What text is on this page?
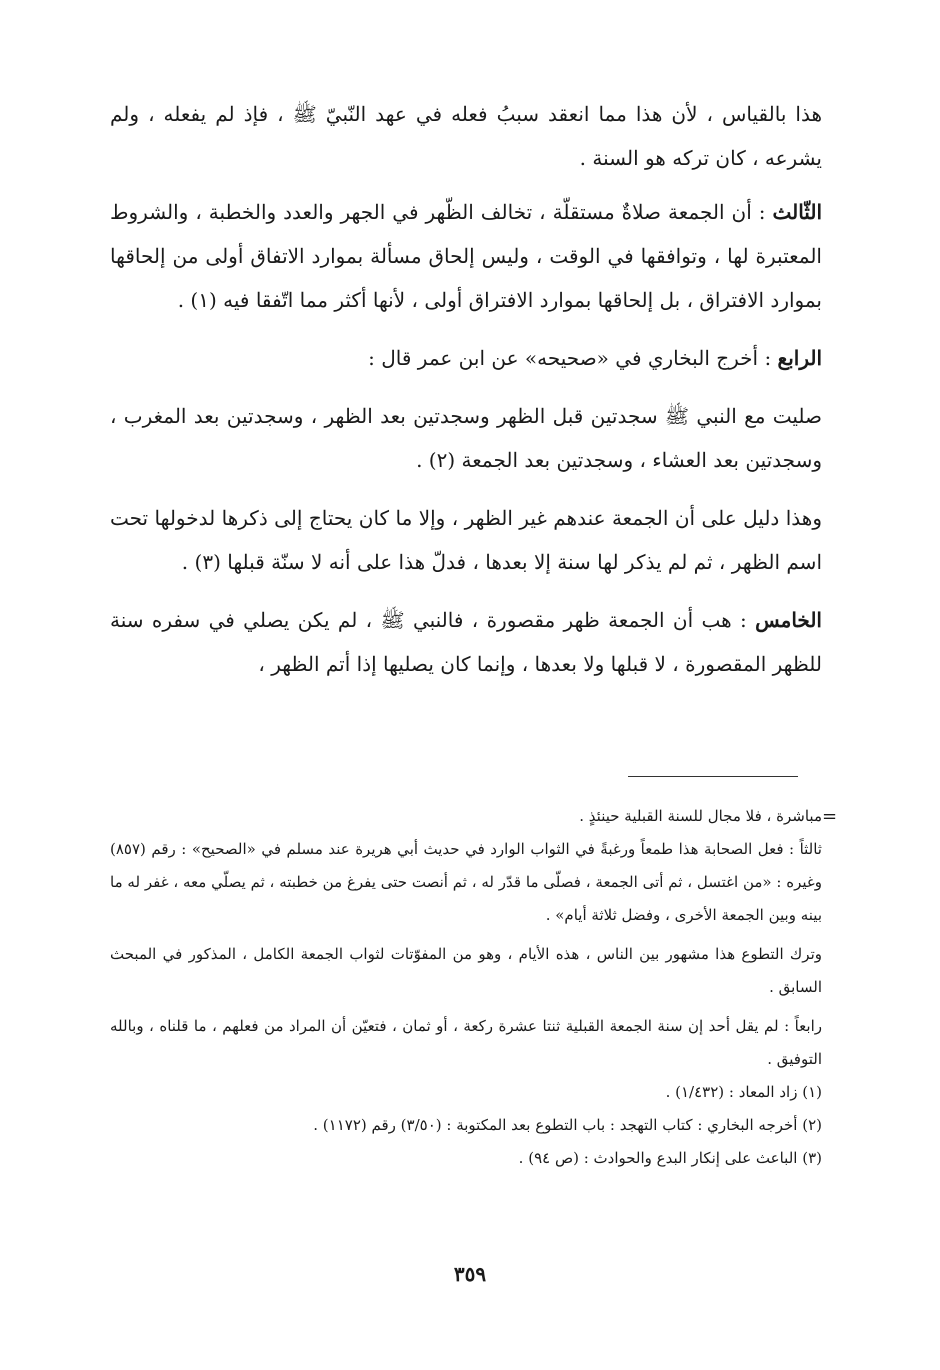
هذا بالقياس ، لأن هذا مما انعقد سببُ فعله في عهد النّبيّ ﷺ ، فإذ لم يفعله ، ولم يشرعه ، كان تركه هو السنة .

الثّالث : أن الجمعة صلاةٌ مستقلّة ، تخالف الظّهر في الجهر والعدد والخطبة ، والشروط المعتبرة لها ، وتوافقها في الوقت ، وليس إلحاق مسألة بموارد الاتفاق أولى من إلحاقها بموارد الافتراق ، بل إلحاقها بموارد الافتراق أولى ، لأنها أكثر مما اتّفقا فيه (١) .

الرابع : أخرج البخاري في «صحيحه» عن ابن عمر قال :

صليت مع النبي ﷺ سجدتين قبل الظهر وسجدتين بعد الظهر ، وسجدتين بعد المغرب ، وسجدتين بعد العشاء ، وسجدتين بعد الجمعة (٢) .

وهذا دليل على أن الجمعة عندهم غير الظهر ، وإلا ما كان يحتاج إلى ذكرها لدخولها تحت اسم الظهر ، ثم لم يذكر لها سنة إلا بعدها ، فدلّ هذا على أنه لا سنّة قبلها (٣) .

الخامس : هب أن الجمعة ظهر مقصورة ، فالنبي ﷺ ، لم يكن يصلي في سفره سنة للظهر المقصورة ، لا قبلها ولا بعدها ، وإنما كان يصليها إذا أتم الظهر ،

=

مباشرة ، فلا مجال للسنة القبلية حينئذٍ .

ثالثاً : فعل الصحابة هذا طمعاً ورغبةً في الثواب الوارد في حديث أبي هريرة عند مسلم في «الصحيح» : رقم (٨٥٧) وغيره : «من اغتسل ، ثم أتى الجمعة ، فصلّى ما قدّر له ، ثم أنصت حتى يفرغ من خطبته ، ثم يصلّي معه ، غفر له ما بينه وبين الجمعة الأخرى ، وفضل ثلاثة أيام» .

وترك التطوع هذا مشهور بين الناس ، هذه الأيام ، وهو من المفوّتات لثواب الجمعة الكامل ، المذكور في المبحث السابق .

رابعاً : لم يقل أحد إن سنة الجمعة القبلية ثنتا عشرة ركعة ، أو ثمان ، فتعيّن أن المراد من فعلهم ، ما قلناه ، وبالله التوفيق .

(١) زاد المعاد : (١/٤٣٢) .

(٢) أخرجه البخاري : كتاب التهجد : باب التطوع بعد المكتوبة : (٣/٥٠) رقم (١١٧٢) .

(٣) الباعث على إنكار البدع والحوادث : (ص ٩٤) .

٣٥٩
